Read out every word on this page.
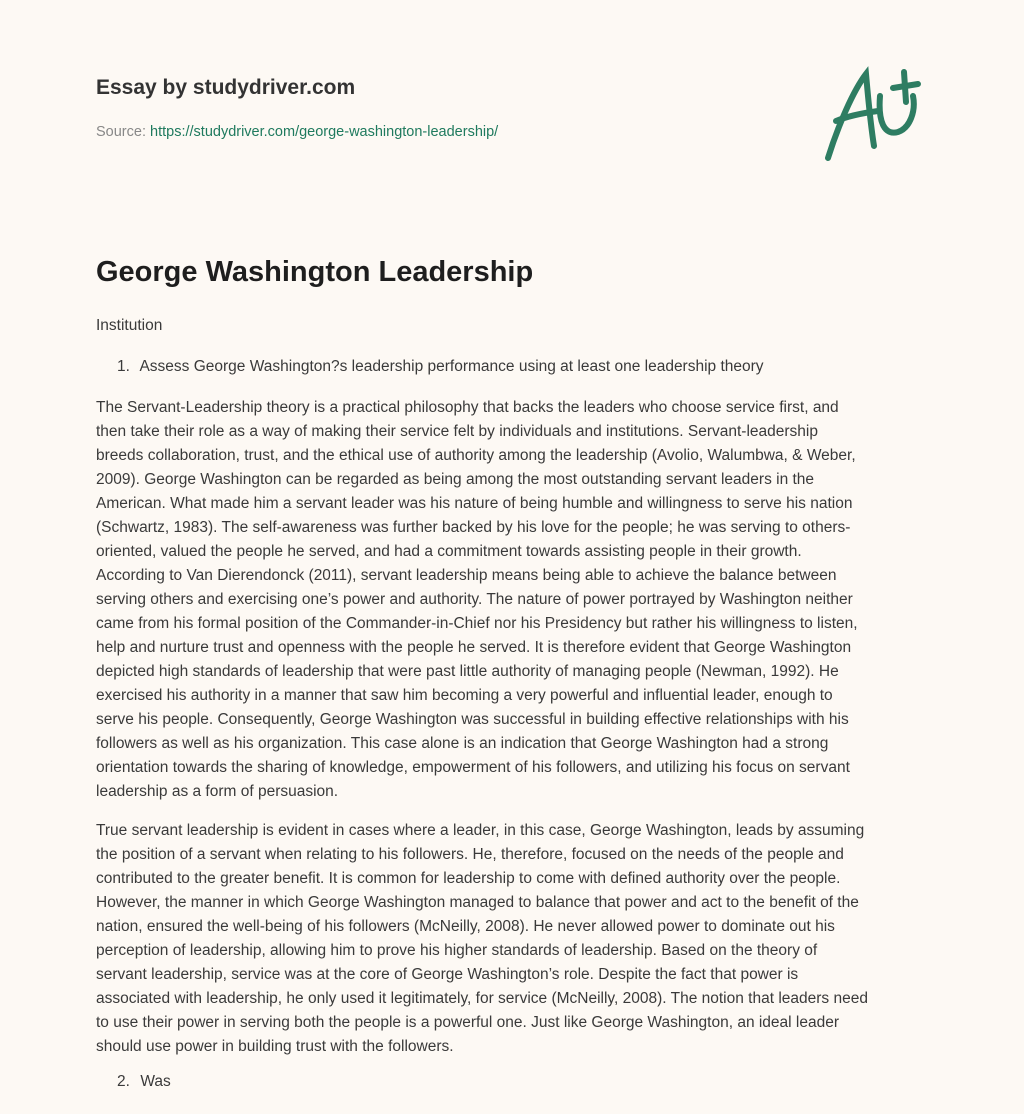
Essay by studydriver.com
Source: https://studydriver.com/george-washington-leadership/
George Washington Leadership
Institution
1. Assess George Washington?s leadership performance using at least one leadership theory
The Servant-Leadership theory is a practical philosophy that backs the leaders who choose service first, and
then take their role as a way of making their service felt by individuals and institutions. Servant-leadership
breeds collaboration, trust, and the ethical use of authority among the leadership (Avolio, Walumbwa, & Weber,
2009). George Washington can be regarded as being among the most outstanding servant leaders in the
American. What made him a servant leader was his nature of being humble and willingness to serve his nation
(Schwartz, 1983). The self-awareness was further backed by his love for the people; he was serving to others-
oriented, valued the people he served, and had a commitment towards assisting people in their growth.
According to Van Dierendonck (2011), servant leadership means being able to achieve the balance between
serving others and exercising one’s power and authority. The nature of power portrayed by Washington neither
came from his formal position of the Commander-in-Chief nor his Presidency but rather his willingness to listen,
help and nurture trust and openness with the people he served. It is therefore evident that George Washington
depicted high standards of leadership that were past little authority of managing people (Newman, 1992). He
exercised his authority in a manner that saw him becoming a very powerful and influential leader, enough to
serve his people. Consequently, George Washington was successful in building effective relationships with his
followers as well as his organization. This case alone is an indication that George Washington had a strong
orientation towards the sharing of knowledge, empowerment of his followers, and utilizing his focus on servant
leadership as a form of persuasion.
True servant leadership is evident in cases where a leader, in this case, George Washington, leads by assuming
the position of a servant when relating to his followers. He, therefore, focused on the needs of the people and
contributed to the greater benefit. It is common for leadership to come with defined authority over the people.
However, the manner in which George Washington managed to balance that power and act to the benefit of the
nation, ensured the well-being of his followers (McNeilly, 2008). He never allowed power to dominate out his
perception of leadership, allowing him to prove his higher standards of leadership. Based on the theory of
servant leadership, service was at the core of George Washington’s role. Despite the fact that power is
associated with leadership, he only used it legitimately, for service (McNeilly, 2008). The notion that leaders need
to use their power in serving both the people is a powerful one. Just like George Washington, an ideal leader
should use power in building trust with the followers.
2. Was
